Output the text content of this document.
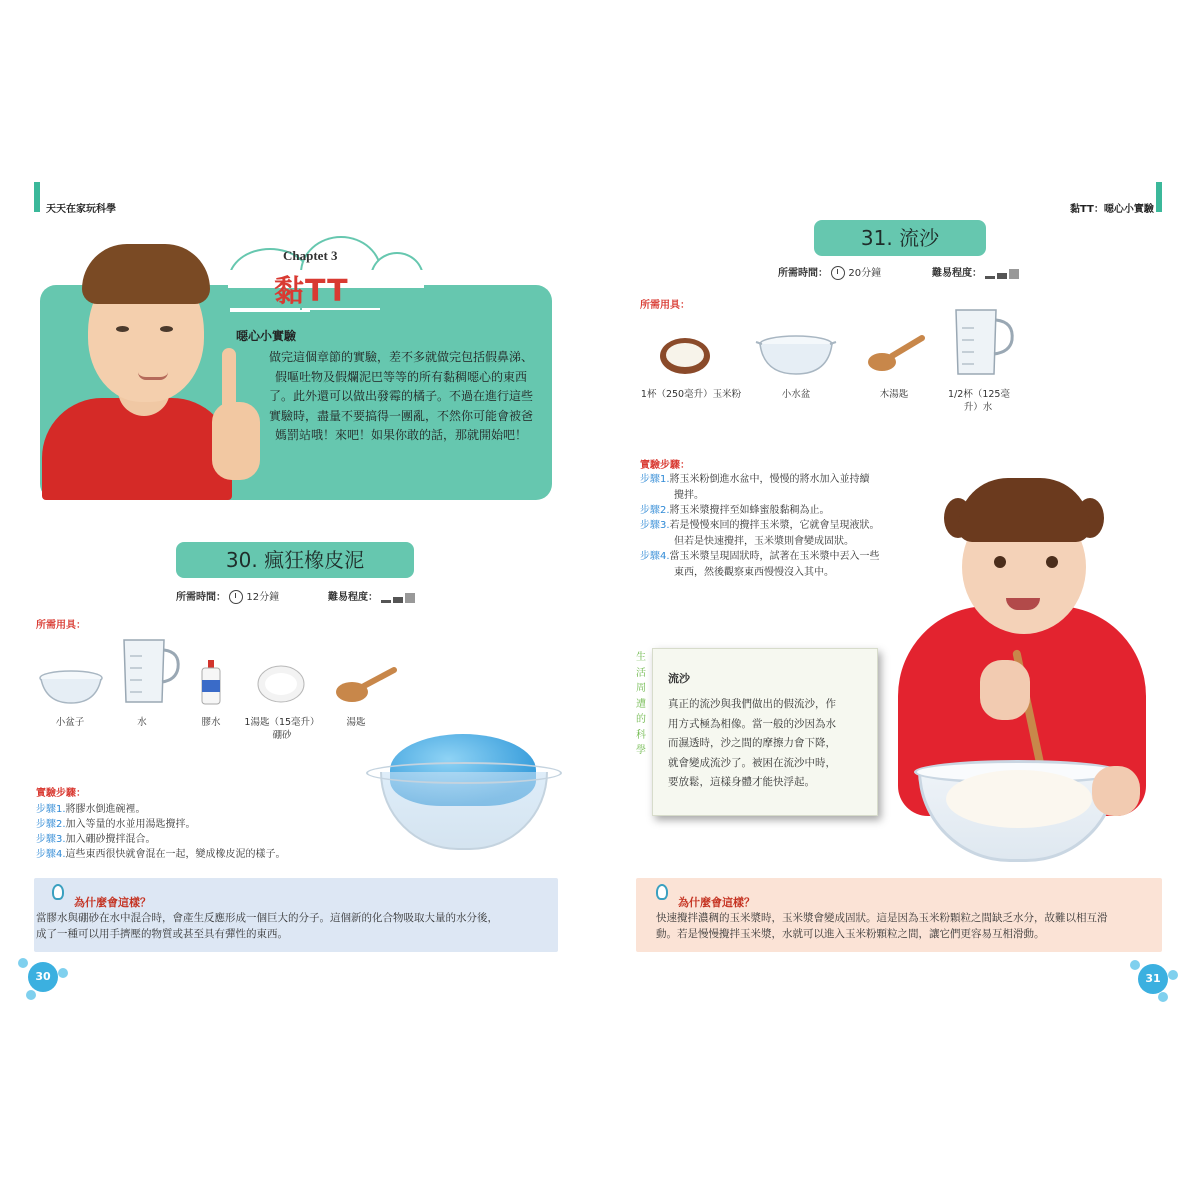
天天在家玩科學
Chaptet 3
黏TT
噁心小實驗
做完這個章節的實驗，差不多就做完包括假鼻涕、假嘔吐物及假爛泥巴等等的所有黏稠噁心的東西了。此外還可以做出發霉的橘子。不過在進行這些實驗時，盡量不要搞得一團亂，不然你可能會被爸媽罰站哦！來吧！如果你敢的話，那就開始吧！
30. 瘋狂橡皮泥
所需時間： 12分鐘	難易程度：
所需用具：
小盆子	水	膠水	1湯匙（15毫升）
硼砂
湯匙
實驗步驟：
步驟1.將膠水倒進碗裡。
步驟2.加入等量的水並用湯匙攪拌。
步驟3.加入硼砂攪拌混合。
步驟4.這些東西很快就會混在一起，變成橡皮泥的樣子。
為什麼會這樣？
當膠水與硼砂在水中混合時，會產生反應形成一個巨大的分子。這個新的化合物吸取大量的水分後，
成了一種可以用手擠壓的物質或甚至具有彈性的東西。
30
黏TT：噁心小實驗
31. 流沙
所需時間： 20分鐘	難易程度：
所需用具：
1杯（250毫升）玉米粉	小水盆	木湯匙	1/2杯（125毫
升）水
實驗步驟：
步驟1.將玉米粉倒進水盆中，慢慢的將水加入並持續
攪拌。
步驟2.將玉米漿攪拌至如蜂蜜般黏稠為止。
步驟3.若是慢慢來回的攪拌玉米漿，它就會呈現液狀。
但若是快速攪拌，玉米漿則會變成固狀。
步驟4.當玉米漿呈現固狀時，試著在玉米漿中丟入一些
東西，然後觀察東西慢慢沒入其中。
生活周遭的科學
流沙
真正的流沙與我們做出的假流沙，作
用方式極為相像。當一般的沙因為水
而濕透時，沙之間的摩擦力會下降，
就會變成流沙了。被困在流沙中時，
要放鬆，這樣身體才能快浮起。
為什麼會這樣？
快速攪拌濃稠的玉米漿時，玉米漿會變成固狀。這是因為玉米粉顆粒之間缺乏水分，故難以相互滑
動。若是慢慢攪拌玉米漿，水就可以進入玉米粉顆粒之間，讓它們更容易互相滑動。
31
